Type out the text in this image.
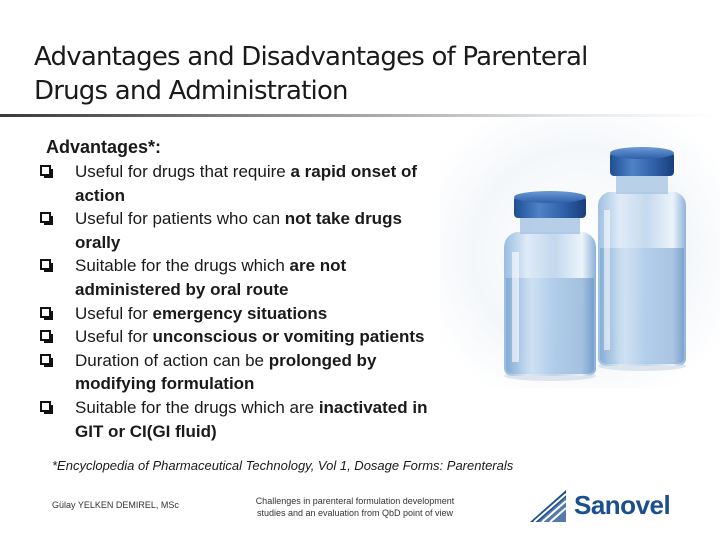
Advantages and Disadvantages of Parenteral
Drugs and Administration
Advantages*:
Useful for drugs that require a rapid onset of
action
Useful for patients who can not take drugs
orally
Suitable for the drugs which are not
administered by oral route
Useful for emergency situations
Useful for unconscious or vomiting patients
Duration of action can be prolonged by
modifying formulation
Suitable for the drugs which are inactivated in
GIT or CI(GI fluid)
*Encyclopedia of Pharmaceutical Technology, Vol 1, Dosage Forms: Parenterals
Gülay YELKEN DEMIREL, MSc	Challenges in parenteral formulation development
studies and an evaluation from QbD point of view	Sanovel
